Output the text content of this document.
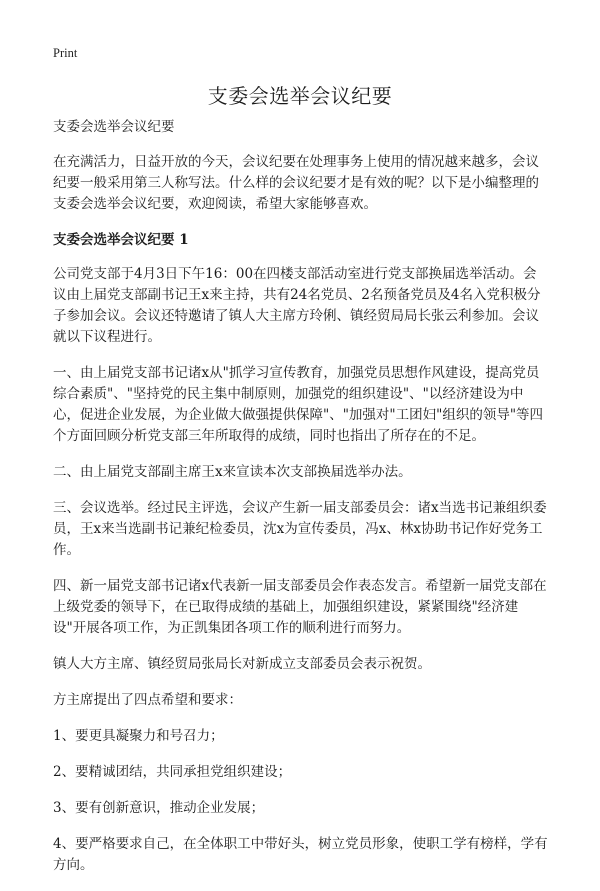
Print
支委会选举会议纪要

支委会选举会议纪要

在充满活力，日益开放的今天，会议纪要在处理事务上使用的情况越来越多，会议纪要一般采用第三人称写法。什么样的会议纪要才是有效的呢？以下是小编整理的支委会选举会议纪要，欢迎阅读，希望大家能够喜欢。

支委会选举会议纪要 1

公司党支部于4月3日下午16：00在四楼支部活动室进行党支部换届选举活动。会议由上届党支部副书记王x来主持，共有24名党员、2名预备党员及4名入党积极分子参加会议。会议还特邀请了镇人大主席方玲俐、镇经贸局局长张云利参加。会议就以下议程进行。

一、由上届党支部书记诸x从"抓学习宣传教育，加强党员思想作风建设，提高党员综合素质"、"坚持党的民主集中制原则，加强党的组织建设"、"以经济建设为中心，促进企业发展，为企业做大做强提供保障"、"加强对"工团妇"组织的领导"等四个方面回顾分析党支部三年所取得的成绩，同时也指出了所存在的不足。

二、由上届党支部副主席王x来宣读本次支部换届选举办法。

三、会议选举。经过民主评选，会议产生新一届支部委员会：诸x当选书记兼组织委员，王x来当选副书记兼纪检委员，沈x为宣传委员，冯x、林x协助书记作好党务工作。

四、新一届党支部书记诸x代表新一届支部委员会作表态发言。希望新一届党支部在上级党委的领导下，在已取得成绩的基础上，加强组织建设，紧紧围绕"经济建设"开展各项工作，为正凯集团各项工作的顺利进行而努力。

镇人大方主席、镇经贸局张局长对新成立支部委员会表示祝贺。

方主席提出了四点希望和要求：

1、要更具凝聚力和号召力；

2、要精诚团结，共同承担党组织建设；

3、要有创新意识，推动企业发展；

4、要严格要求自己，在全体职工中带好头，树立党员形象，使职工学有榜样，学有方向。
